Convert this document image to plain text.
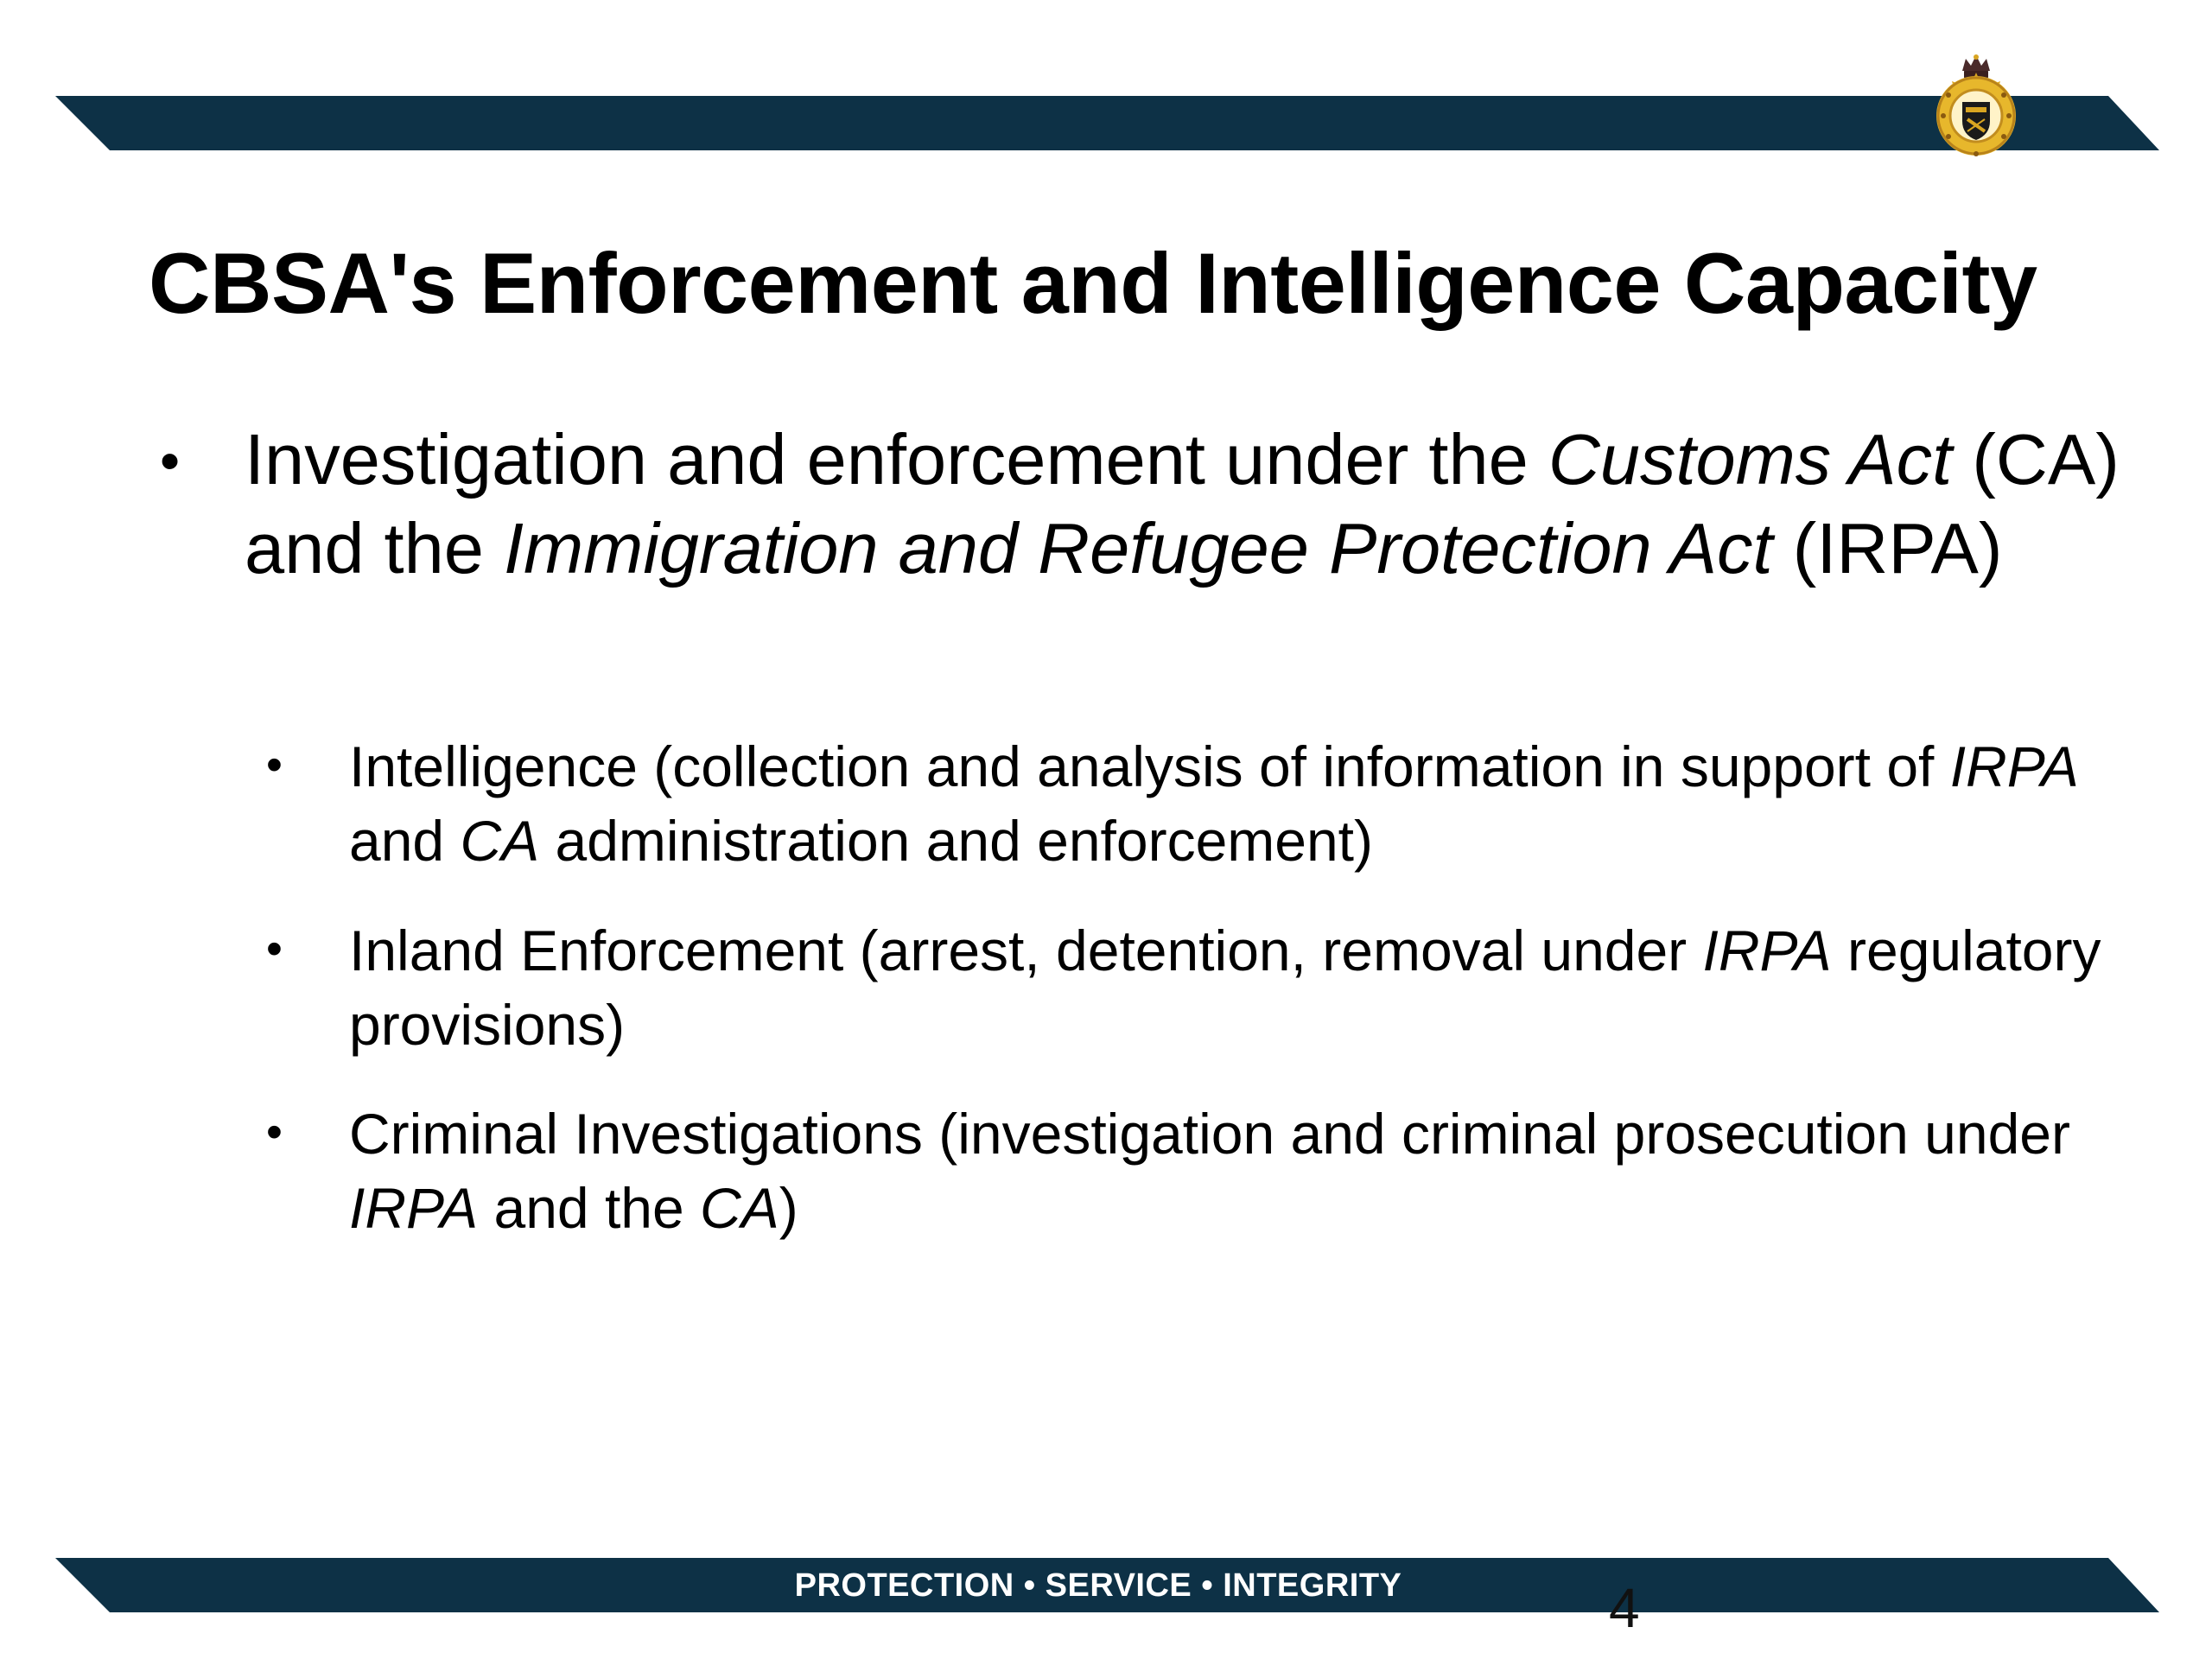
CBSA's Enforcement and Intelligence Capacity
• Investigation and enforcement under the Customs Act (CA) and the Immigration and Refugee Protection Act (IRPA)
• Intelligence (collection and analysis of information in support of IRPA and CA administration and enforcement)
• Inland Enforcement (arrest, detention, removal under IRPA regulatory provisions)
• Criminal Investigations (investigation and criminal prosecution under IRPA and the CA)
PROTECTION • SERVICE • INTEGRITY	4
